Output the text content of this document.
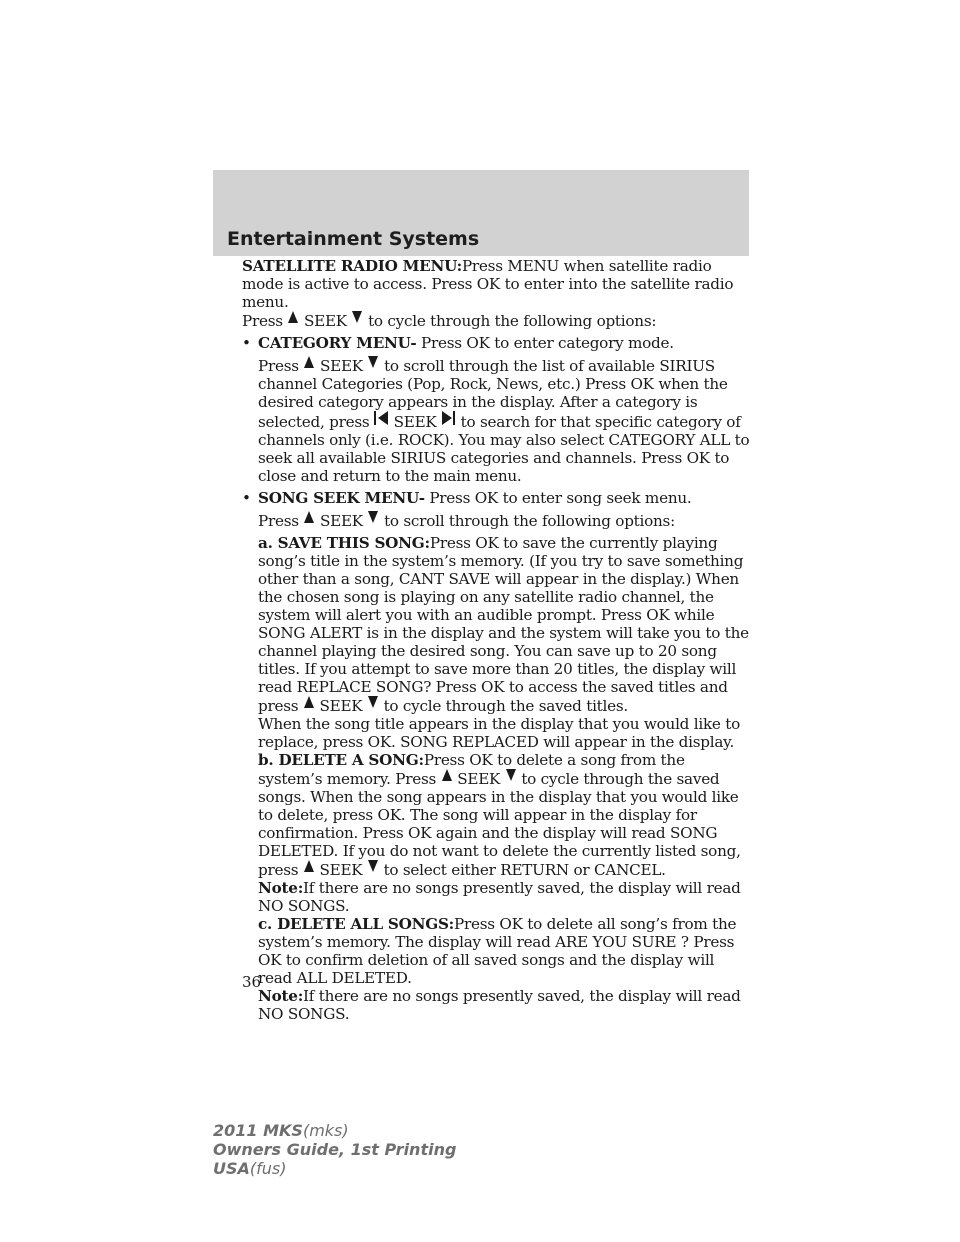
Entertainment Systems

SATELLITE RADIO MENU:Press MENU when satellite radio mode is active to access. Press OK to enter into the satellite radio menu.

Press SEEK to cycle through the following options:

• CATEGORY MENU- Press OK to enter category mode.

Press SEEK to scroll through the list of available SIRIUS channel Categories (Pop, Rock, News, etc.) Press OK when the desired category appears in the display. After a category is selected, press SEEK to search for that specific category of channels only (i.e. ROCK). You may also select CATEGORY ALL to seek all available SIRIUS categories and channels. Press OK to close and return to the main menu.

• SONG SEEK MENU- Press OK to enter song seek menu.

Press SEEK to scroll through the following options:

a. SAVE THIS SONG:Press OK to save the currently playing song’s title in the system’s memory. (If you try to save something other than a song, CANT SAVE will appear in the display.) When the chosen song is playing on any satellite radio channel, the system will alert you with an audible prompt. Press OK while SONG ALERT is in the display and the system will take you to the channel playing the desired song. You can save up to 20 song titles. If you attempt to save more than 20 titles, the display will read REPLACE SONG? Press OK to access the saved titles and press SEEK to cycle through the saved titles.

When the song title appears in the display that you would like to replace, press OK. SONG REPLACED will appear in the display.

b. DELETE A SONG:Press OK to delete a song from the system’s memory. Press SEEK to cycle through the saved songs. When the song appears in the display that you would like to delete, press OK. The song will appear in the display for confirmation. Press OK again and the display will read SONG DELETED. If you do not want to delete the currently listed song, press SEEK to select either RETURN or CANCEL.

Note:If there are no songs presently saved, the display will read NO SONGS.

c. DELETE ALL SONGS:Press OK to delete all song’s from the system’s memory. The display will read ARE YOU SURE ? Press OK to confirm deletion of all saved songs and the display will read ALL DELETED.

Note:If there are no songs presently saved, the display will read NO SONGS.

36
2011 MKS(mks)
Owners Guide, 1st Printing
USA(fus)
